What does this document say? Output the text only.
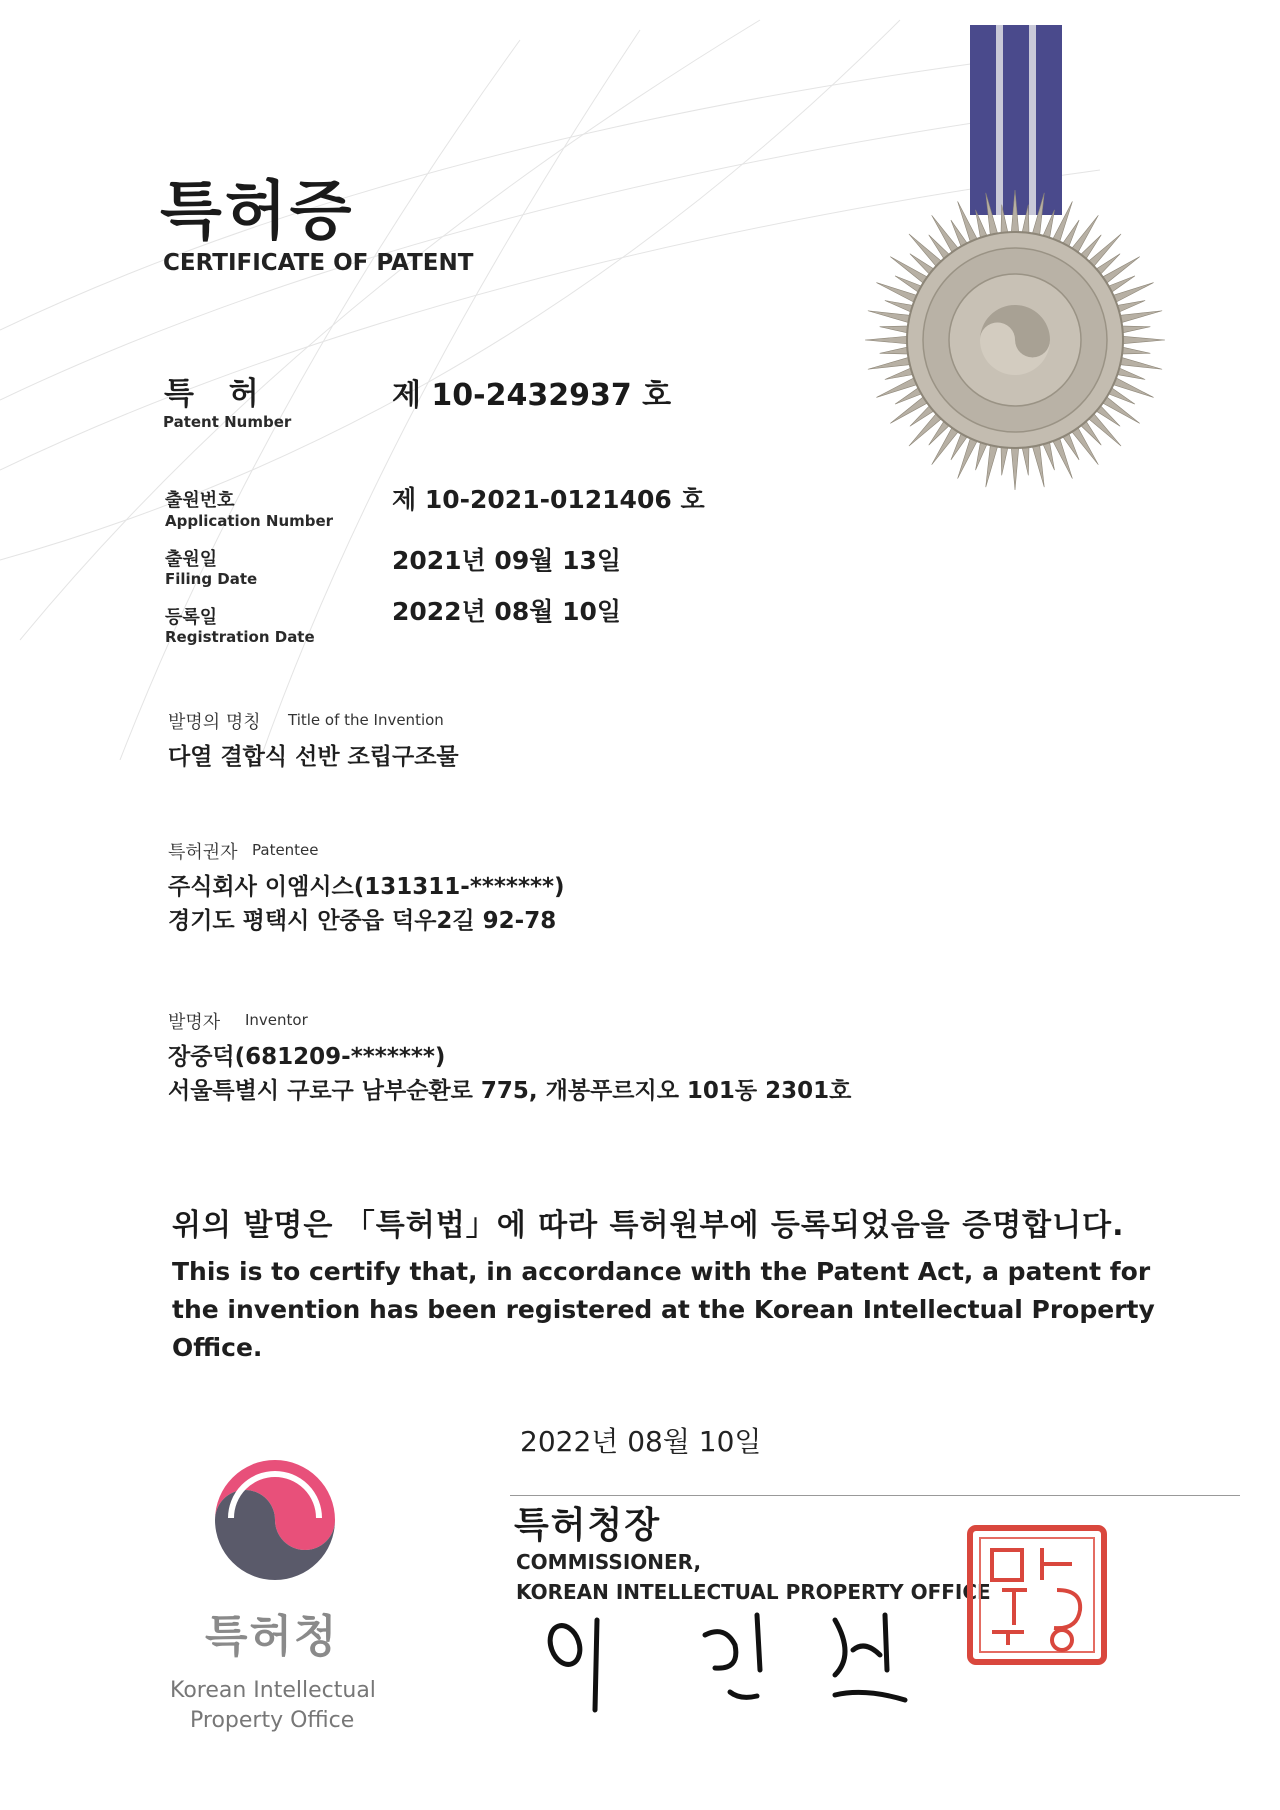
특허증
CERTIFICATE OF PATENT
특 허
Patent Number
제 10-2432937 호
출원번호
Application Number
제 10-2021-0121406 호
출원일
Filing Date
2021년 09월 13일
등록일
Registration Date
2022년 08월 10일
발명의 명칭 Title of the Invention
다열 결합식 선반 조립구조물
특허권자 Patentee
주식회사 이엠시스(131311-*******)
경기도 평택시 안중읍 덕우2길 92-78
발명자 Inventor
장중덕(681209-*******)
서울특별시 구로구 남부순환로 775, 개봉푸르지오 101동 2301호
위의 발명은 「특허법」에 따라 특허원부에 등록되었음을 증명합니다.
This is to certify that, in accordance with the Patent Act, a patent for the invention has been registered at the Korean Intellectual Property Office.
2022년 08월 10일
특허청장
COMMISSIONER,
KOREAN INTELLECTUAL PROPERTY OFFICE
특허청
Korean Intellectual
Property Office
